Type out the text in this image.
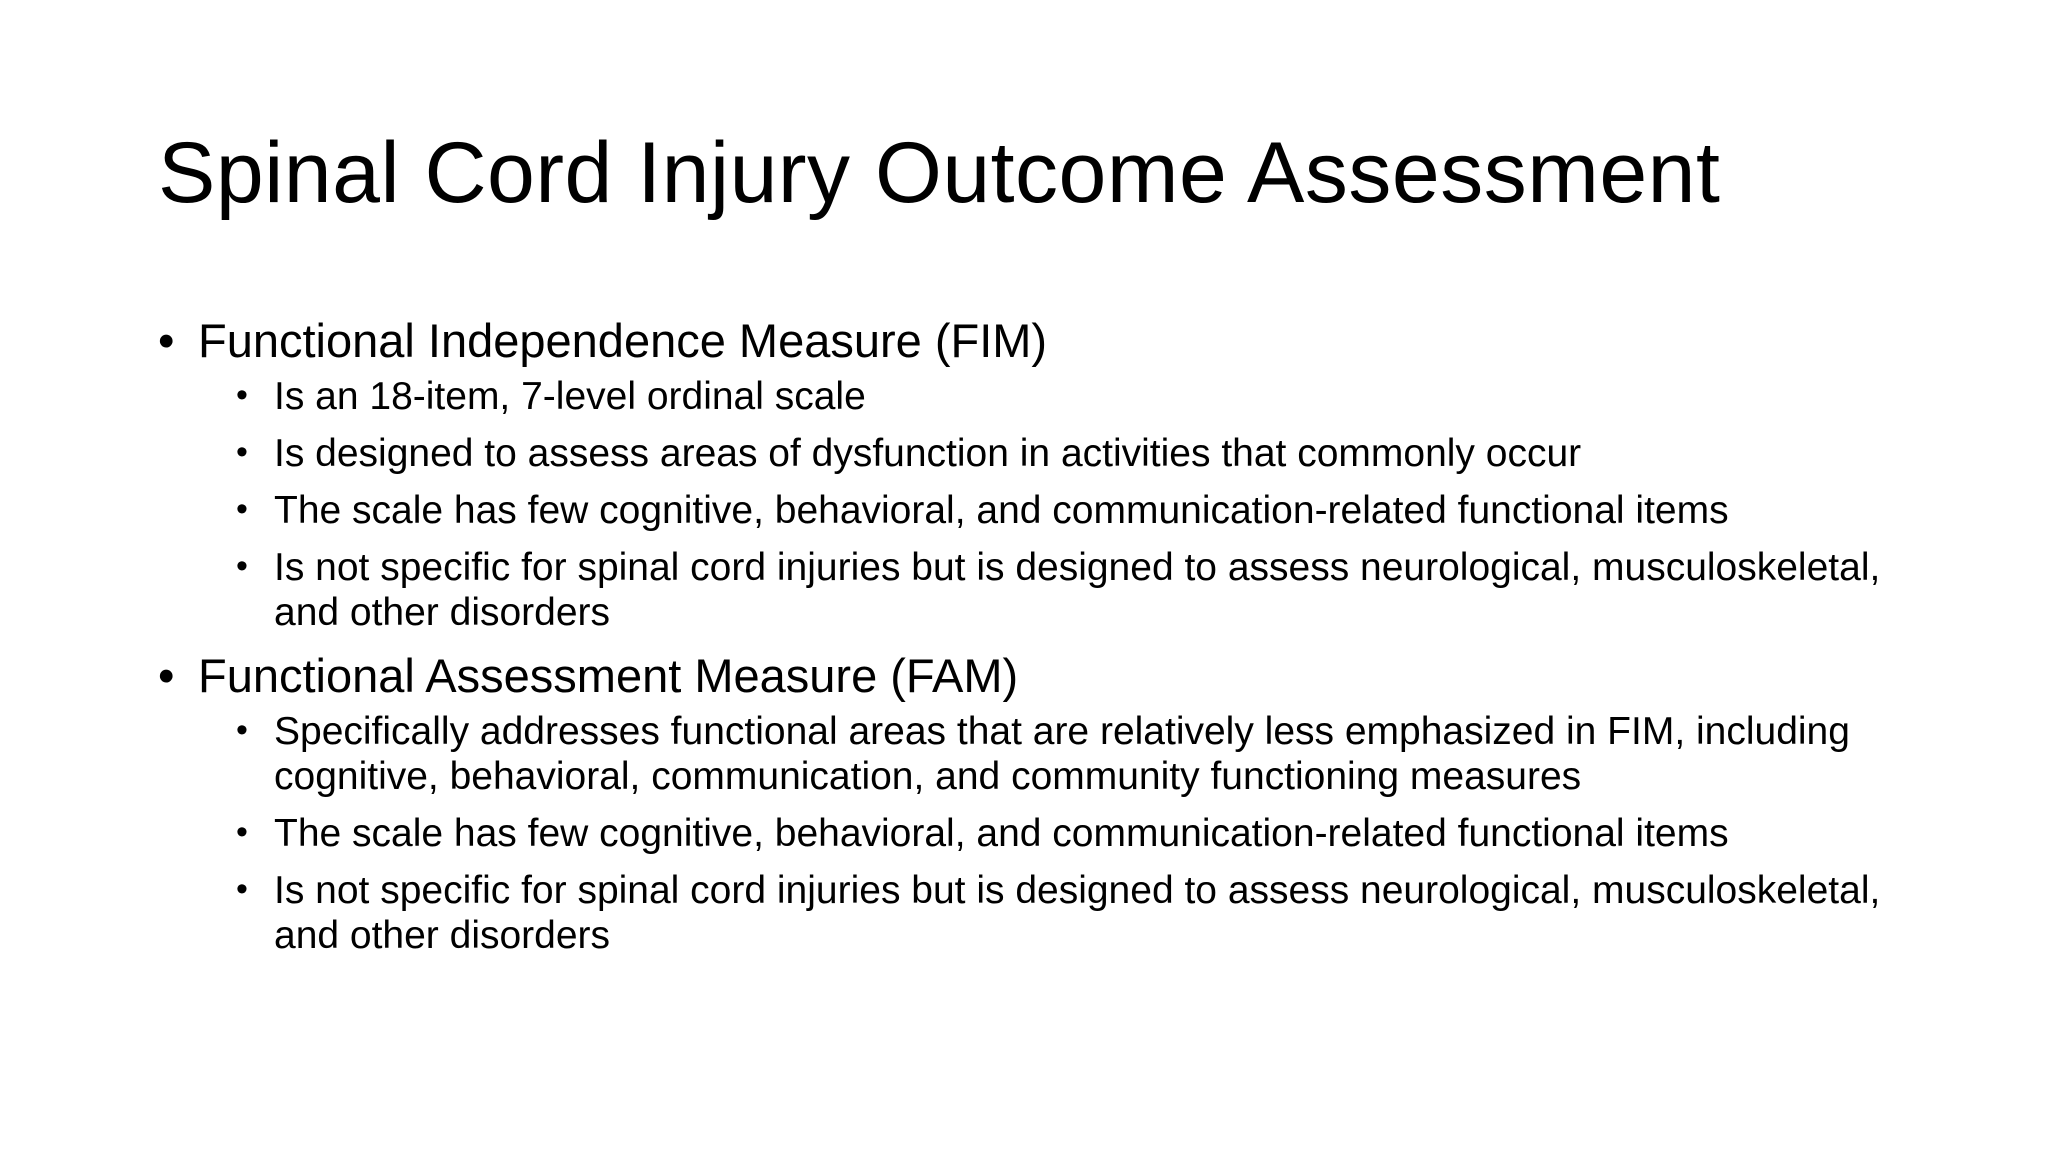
Spinal Cord Injury Outcome Assessment
• Functional Independence Measure (FIM)
• Is an 18-item, 7-level ordinal scale
• Is designed to assess areas of dysfunction in activities that commonly occur
• The scale has few cognitive, behavioral, and communication-related functional items
• Is not specific for spinal cord injuries but is designed to assess neurological, musculoskeletal, and other disorders
• Functional Assessment Measure (FAM)
• Specifically addresses functional areas that are relatively less emphasized in FIM, including cognitive, behavioral, communication, and community functioning measures
• The scale has few cognitive, behavioral, and communication-related functional items
• Is not specific for spinal cord injuries but is designed to assess neurological, musculoskeletal, and other disorders
